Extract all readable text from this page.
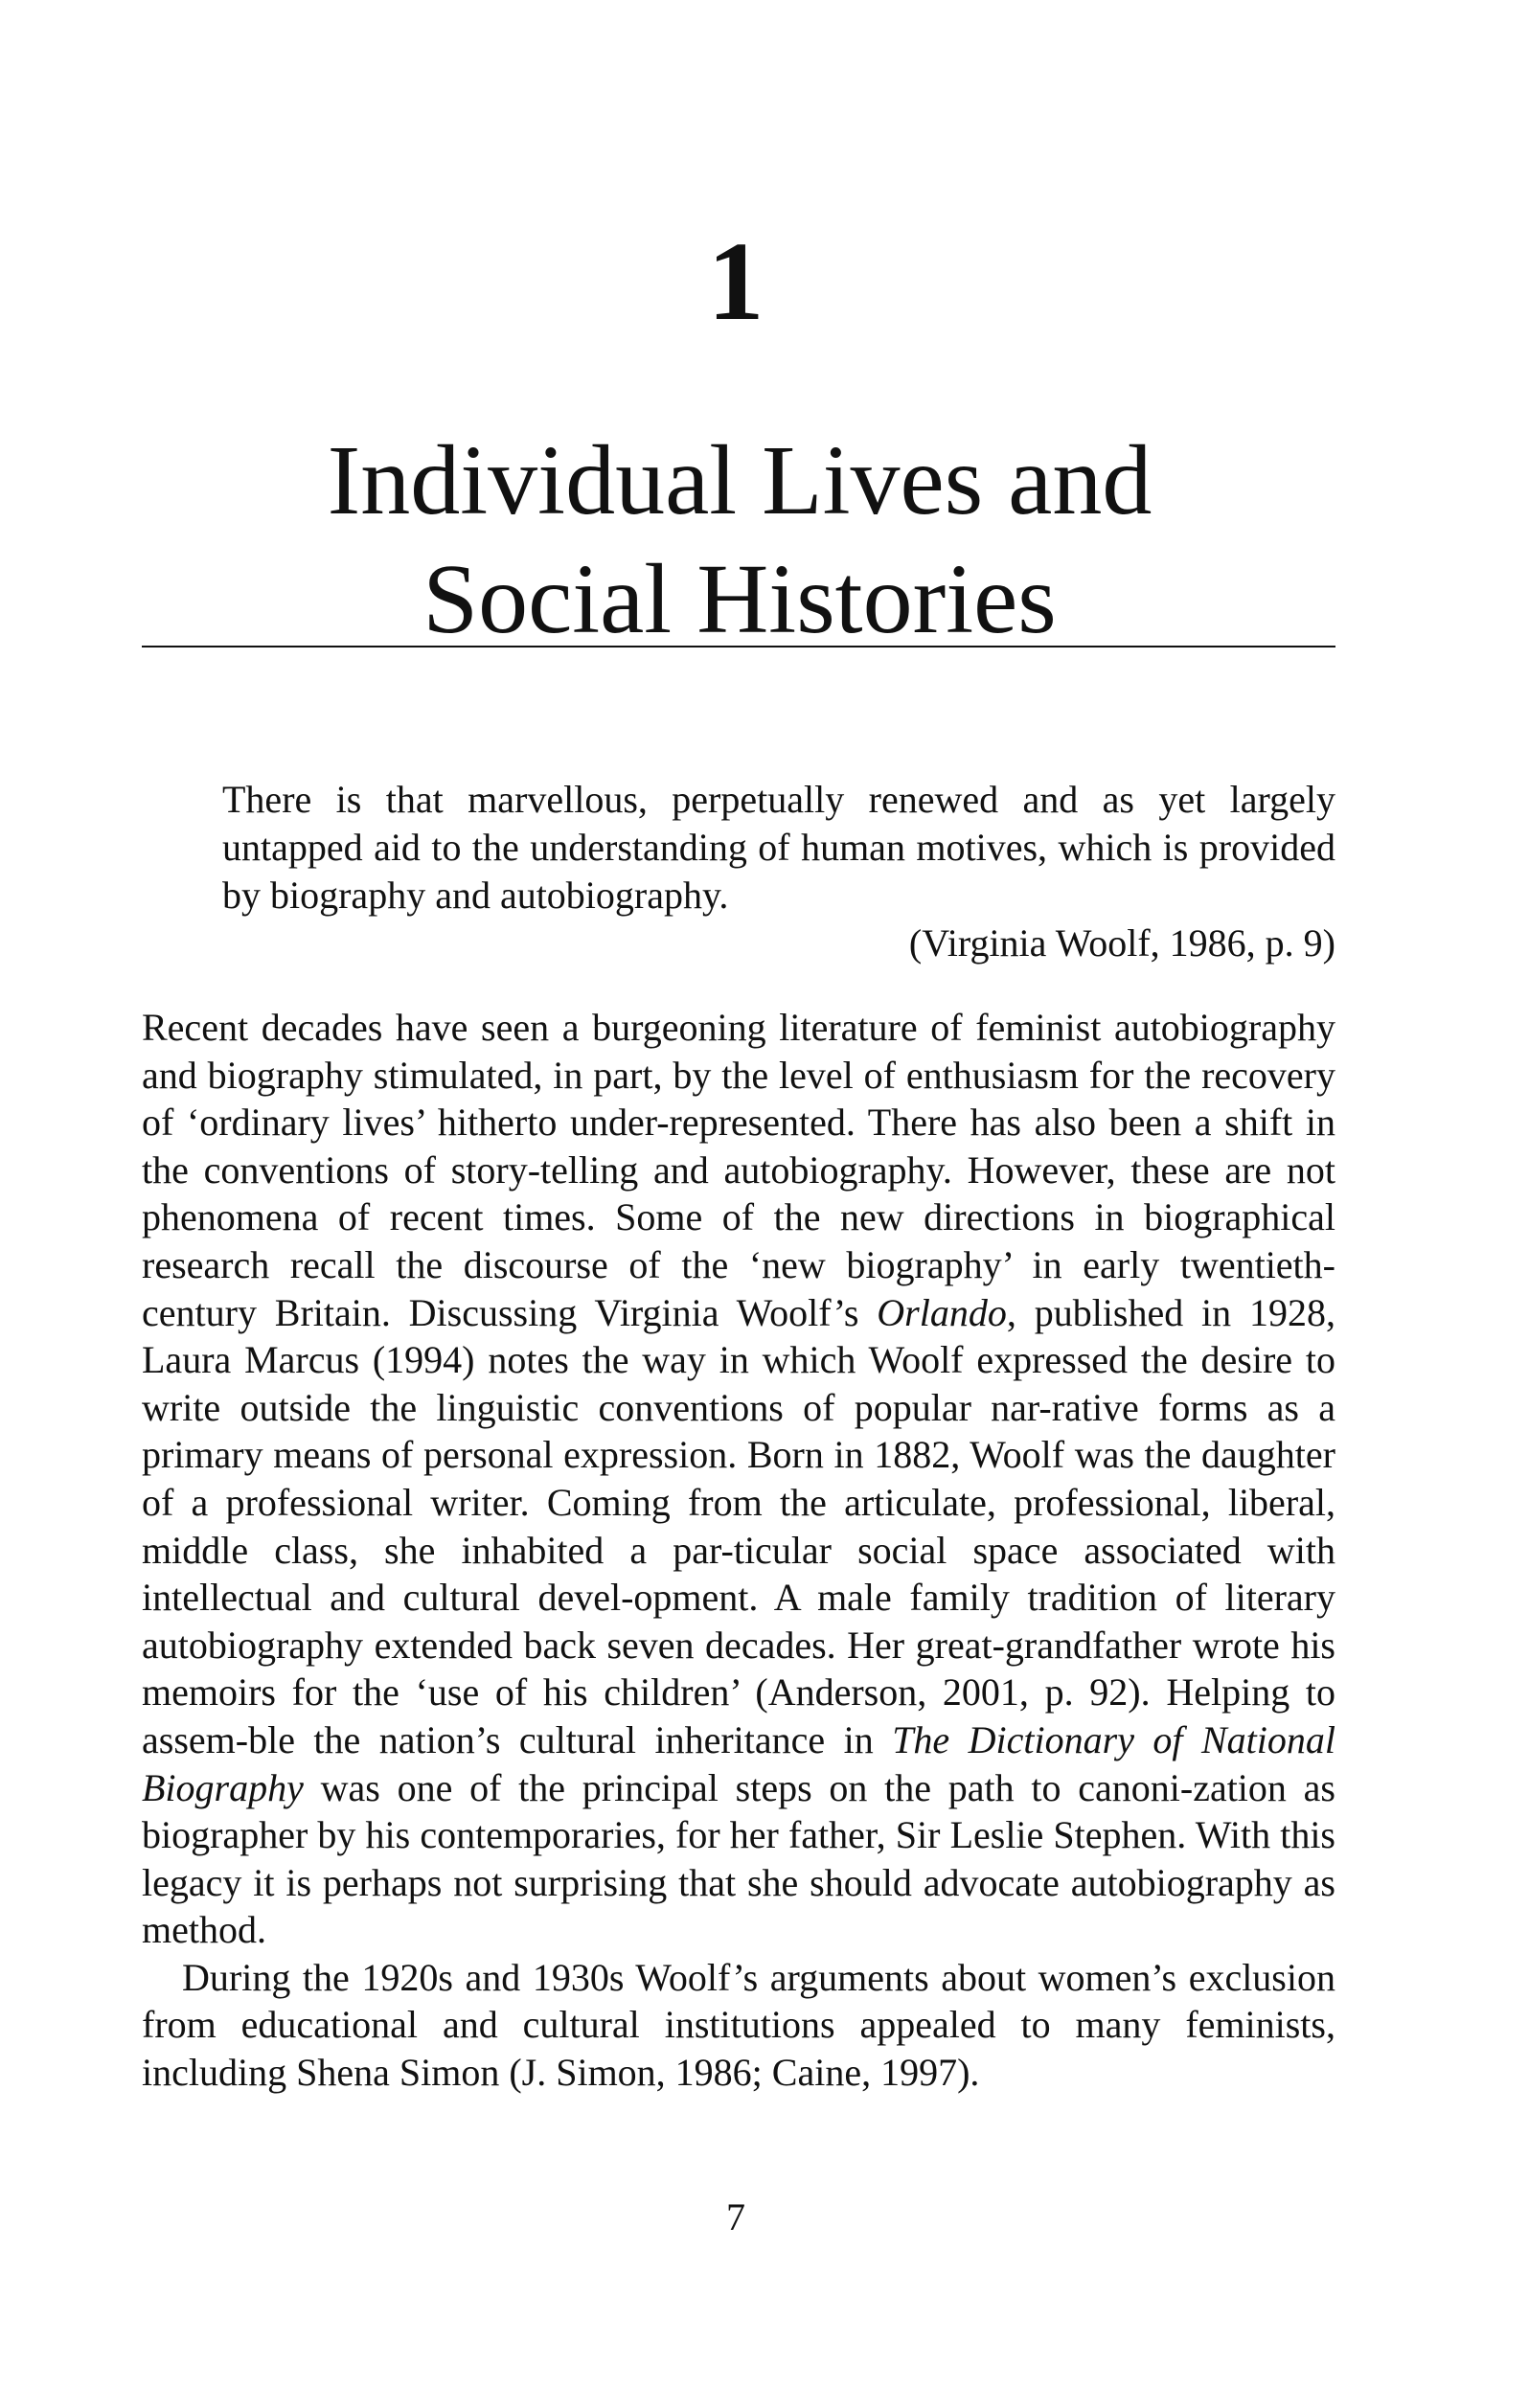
1
Individual Lives and
Social Histories
There is that marvellous, perpetually renewed and as yet largely untapped aid to the understanding of human motives, which is provided by biography and autobiography.
(Virginia Woolf, 1986, p. 9)

Recent decades have seen a burgeoning literature of feminist autobiography and biography stimulated, in part, by the level of enthusiasm for the recovery of ‘ordinary lives’ hitherto under-represented. There has also been a shift in the conventions of story-telling and autobiography. However, these are not phenomena of recent times. Some of the new directions in biographical research recall the discourse of the ‘new biography’ in early twentieth-century Britain. Discussing Virginia Woolf’s Orlando, published in 1928, Laura Marcus (1994) notes the way in which Woolf expressed the desire to write outside the linguistic conventions of popular nar-rative forms as a primary means of personal expression. Born in 1882, Woolf was the daughter of a professional writer. Coming from the articulate, professional, liberal, middle class, she inhabited a par-ticular social space associated with intellectual and cultural devel-opment. A male family tradition of literary autobiography extended back seven decades. Her great-grandfather wrote his memoirs for the ‘use of his children’ (Anderson, 2001, p. 92). Helping to assem-ble the nation’s cultural inheritance in The Dictionary of National Biography was one of the principal steps on the path to canoni-zation as biographer by his contemporaries, for her father, Sir Leslie Stephen. With this legacy it is perhaps not surprising that she should advocate autobiography as method.

During the 1920s and 1930s Woolf’s arguments about women’s exclusion from educational and cultural institutions appealed to many feminists, including Shena Simon (J. Simon, 1986; Caine, 1997).

7
